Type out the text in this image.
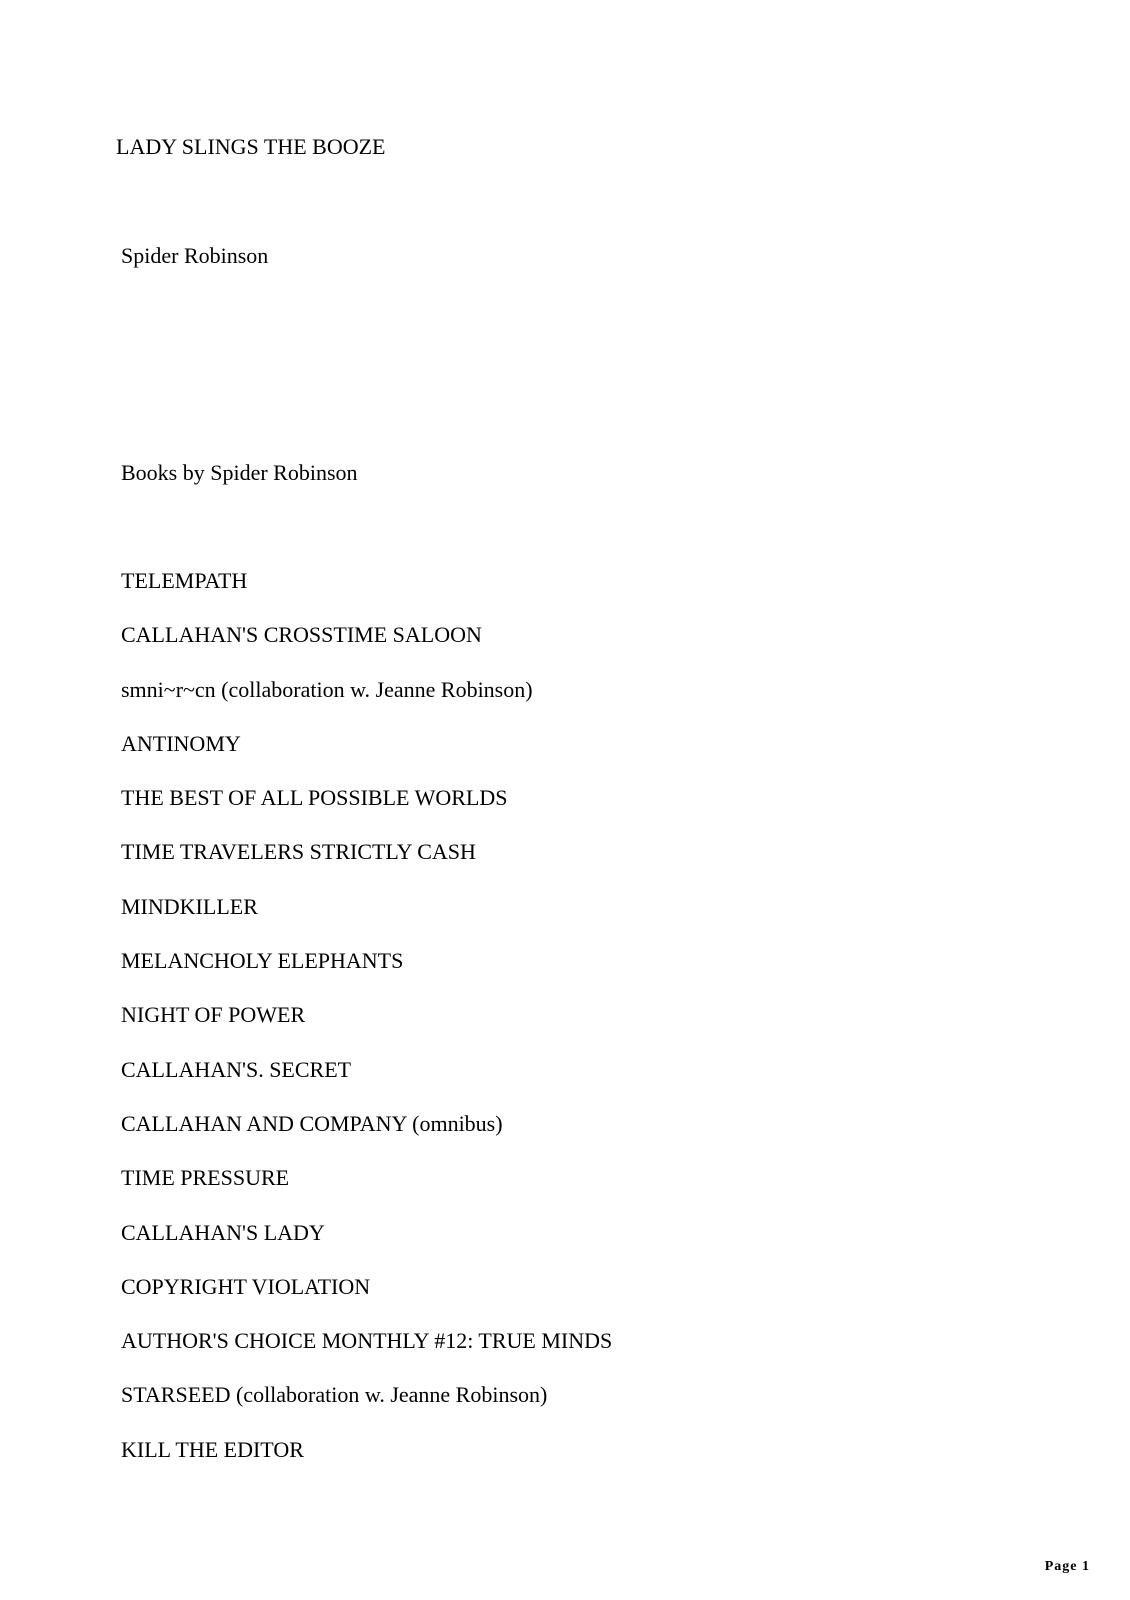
LADY SLINGS THE BOOZE
Spider Robinson
Books by Spider Robinson
TELEMPATH
CALLAHAN'S CROSSTIME SALOON
smni~r~cn (collaboration w. Jeanne Robinson)
ANTINOMY
THE BEST OF ALL POSSIBLE WORLDS
TIME TRAVELERS STRICTLY CASH
MINDKILLER
MELANCHOLY ELEPHANTS
NIGHT OF POWER
CALLAHAN'S. SECRET
CALLAHAN AND COMPANY (omnibus)
TIME PRESSURE
CALLAHAN'S LADY
COPYRIGHT VIOLATION
AUTHOR'S CHOICE MONTHLY #12: TRUE MINDS
STARSEED (collaboration w. Jeanne Robinson)
KILL THE EDITOR
Page 1
